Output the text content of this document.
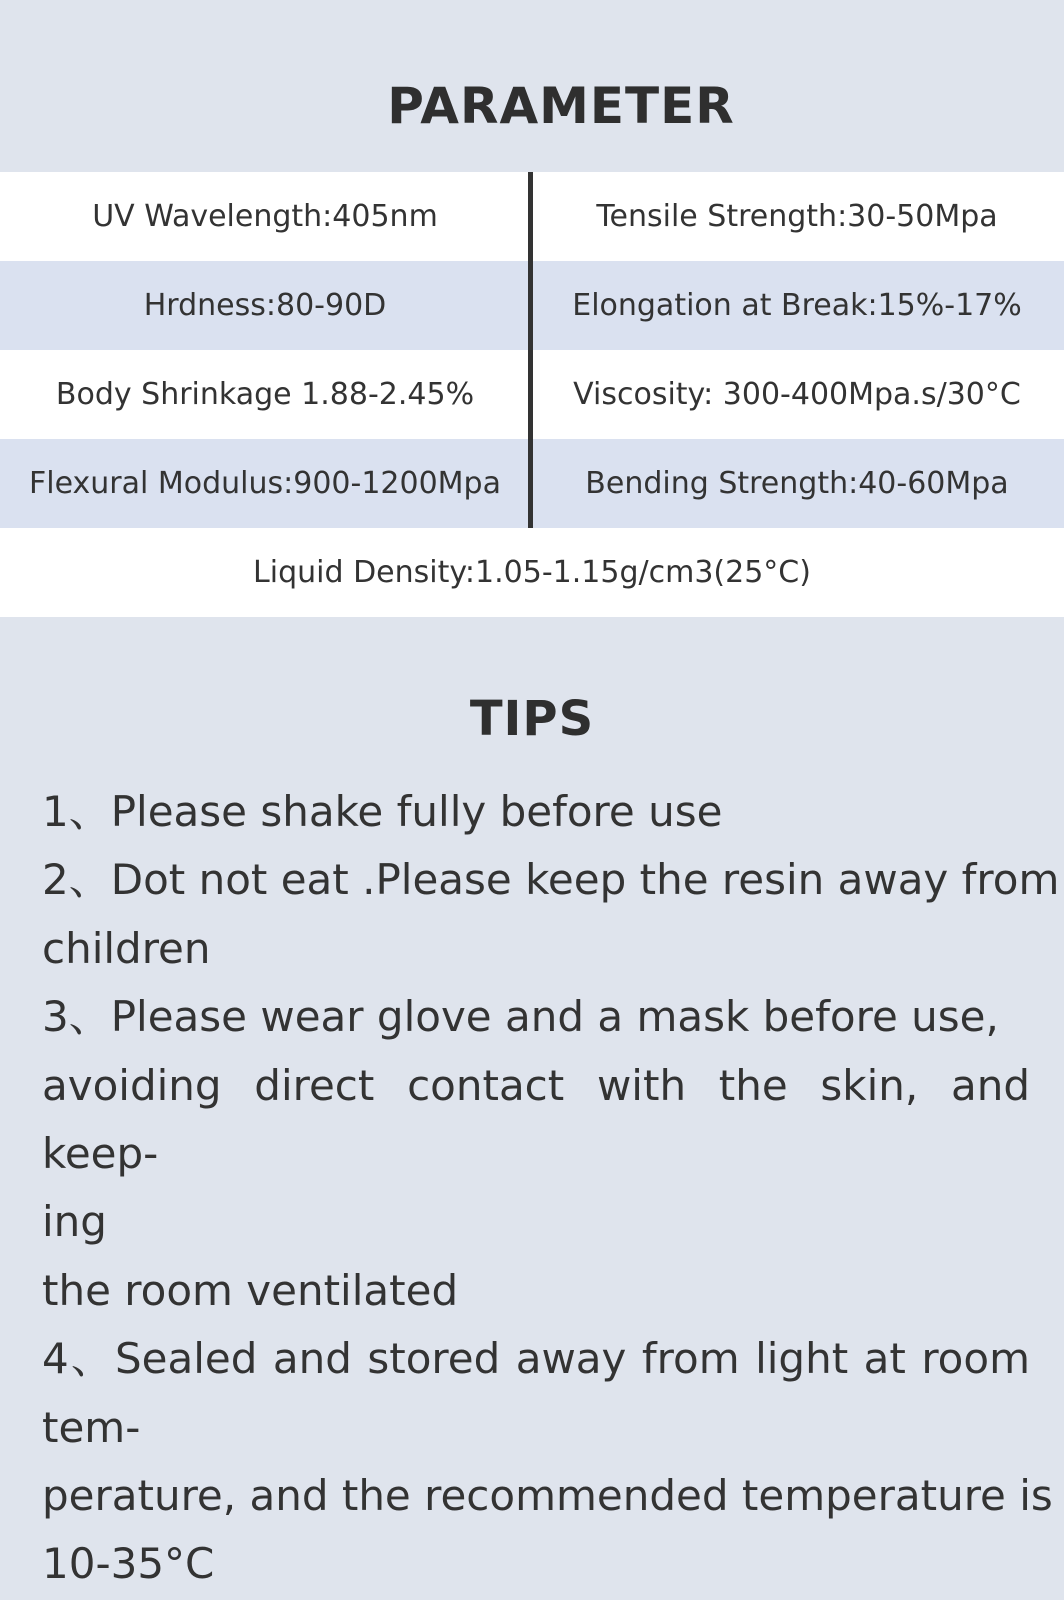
PARAMETER
UV Wavelength:405nm	Tensile Strength:30-50Mpa
Hrdness:80-90D	Elongation at Break:15%-17%
Body Shrinkage 1.88-2.45%	Viscosity: 300-400Mpa.s/30°C
Flexural Modulus:900-1200Mpa	Bending Strength:40-60Mpa
Liquid Density:1.05-1.15g/cm3(25°C)
TIPS
1、Please shake fully before use
2、Dot not eat .Please keep the resin away from
children
3、Please wear glove and a mask before use,
avoiding direct contact with the skin, and keep-
ing
the room ventilated
4、Sealed and stored away from light at room
tem-
perature, and the recommended temperature is
10-35°C
